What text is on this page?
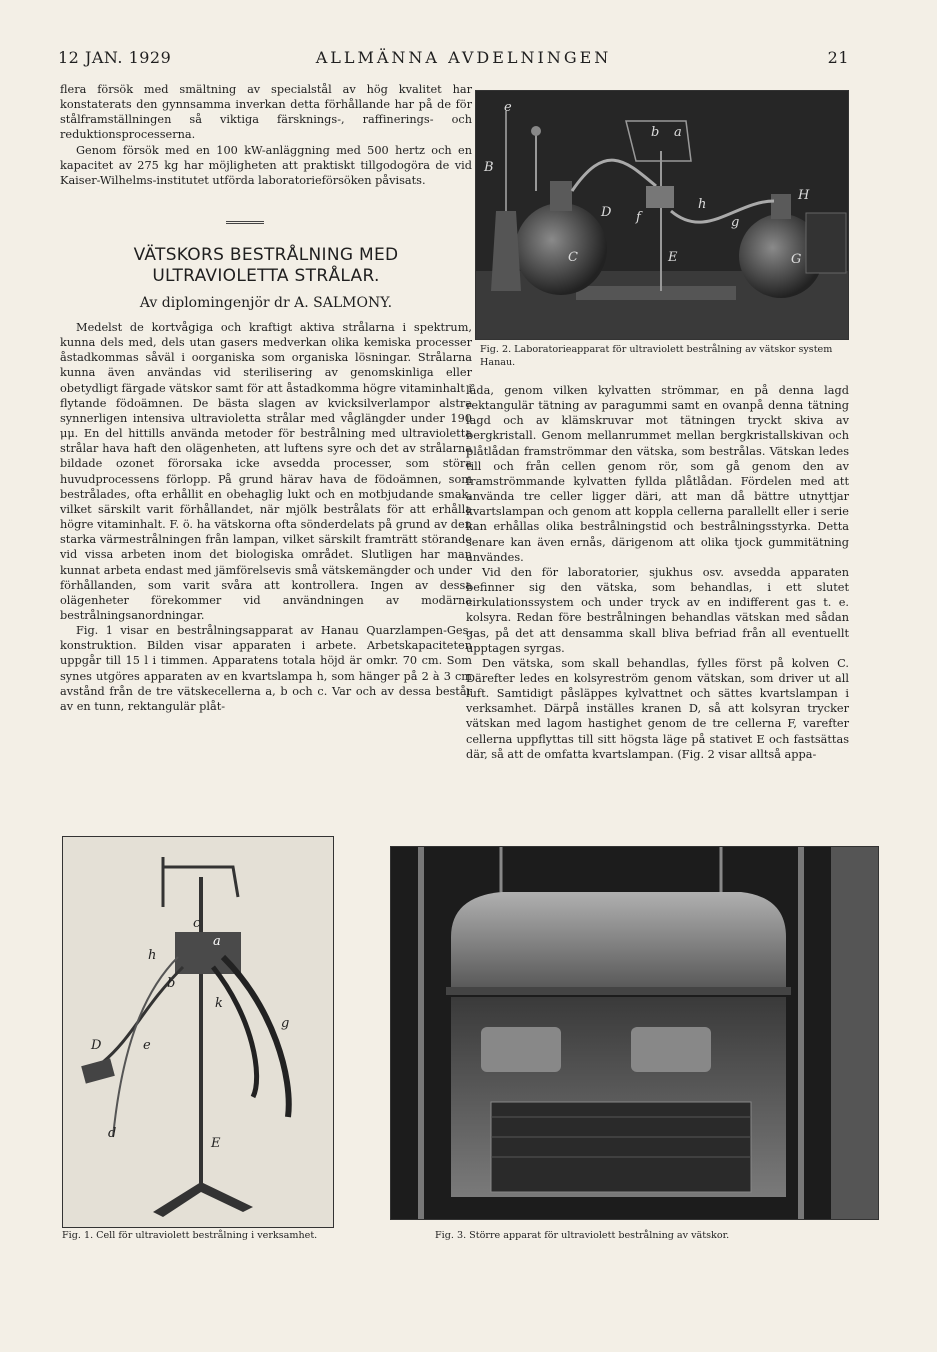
12 JAN. 1929	ALLMÄNNA AVDELNINGEN	21

flera försök med smältning av specialstål av hög kvalitet har konstaterats den gynnsamma inverkan detta förhållande har på de för stålframställningen så viktiga färsknings-, raffinerings- och reduktionsprocesserna.

Genom försök med en 100 kW-anläggning med 500 hertz och en kapacitet av 275 kg har möjligheten att praktiskt tillgodogöra de vid Kaiser-Wilhelms-institutet utförda laboratorieförsöken påvisats.

VÄTSKORS BESTRÅLNING MED ULTRAVIOLETTA STRÅLAR.
Av diplomingenjör dr A. SALMONY.

Medelst de kortvågiga och kraftigt aktiva strålarna i spektrum, kunna dels med, dels utan gasers medverkan olika kemiska processer åstadkommas såväl i oorganiska som organiska lösningar. Strålarna kunna även användas vid sterilisering av genomskinliga eller obetydligt färgade vätskor samt för att åstadkomma högre vitaminhalt i flytande födoämnen. De bästa slagen av kvicksilverlampor alstra synnerligen intensiva ultravioletta strålar med våglängder under 190 μμ. En del hittills använda metoder för bestrålning med ultravioletta strålar hava haft den olägenheten, att luftens syre och det av strålarna bildade ozonet förorsaka icke avsedda processer, som störa huvudprocessens förlopp. På grund härav hava de födoämnen, som bestrålades, ofta erhållit en obehaglig lukt och en motbjudande smak, vilket särskilt varit förhållandet, när mjölk bestrålats för att erhålla högre vitaminhalt. F. ö. ha vätskorna ofta sönderdelats på grund av den starka värmestrålningen från lampan, vilket särskilt framträtt störande vid vissa arbeten inom det biologiska området. Slutligen har man kunnat arbeta endast med jämförelsevis små vätskemängder och under förhållanden, som varit svåra att kontrollera. Ingen av dessa olägenheter förekommer vid användningen av modärna bestrålningsanordningar.

Fig. 1 visar en bestrålningsapparat av Hanau Quarzlampen-Ges. konstruktion. Bilden visar apparaten i arbete. Arbetskapaciteten uppgår till 15 l i timmen. Apparatens totala höjd är omkr. 70 cm. Som synes utgöres apparaten av en kvartslampa h, som hänger på 2 à 3 cm avstånd från de tre vätskecellerna a, b och c. Var och av dessa består av en tunn, rektangulär plåt-

e
B
C
D f
h
g
E
H
G
a
b
Fig. 2. Laboratorieapparat för ultraviolett bestrålning av vätskor system Hanau.

låda, genom vilken kylvatten strömmar, en på denna lagd rektangulär tätning av paragummi samt en ovanpå denna tätning lagd och av klämskruvar mot tätningen tryckt skiva av bergkristall. Genom mellanrummet mellan bergkristallskivan och plåtlådan framströmmar den vätska, som bestrålas. Vätskan ledes till och från cellen genom rör, som gå genom den av framströmmande kylvatten fyllda plåtlådan. Fördelen med att använda tre celler ligger däri, att man då bättre utnyttjar kvartslampan och genom att koppla cellerna parallellt eller i serie kan erhållas olika bestrålningstid och bestrålningsstyrka. Detta senare kan även ernås, därigenom att olika tjock gummitätning användes.

Vid den för laboratorier, sjukhus osv. avsedda apparaten befinner sig den vätska, som behandlas, i ett slutet cirkulationssystem och under tryck av en indifferent gas t. e. kolsyra. Redan före bestrålningen behandlas vätskan med sådan gas, på det att densamma skall bliva befriad från all eventuellt upptagen syrgas.

Den vätska, som skall behandlas, fylles först på kolven C. Därefter ledes en kolsyreström genom vätskan, som driver ut all luft. Samtidigt påsläppes kylvattnet och sättes kvartslampan i verksamhet. Därpå inställes kranen D, så att kolsyran trycker vätskan med lagom hastighet genom de tre cellerna F, varefter cellerna uppflyttas till sitt högsta läge på stativet E och fastsättas där, så att de omfatta kvartslampan. (Fig. 2 visar alltså appa-

c
a
h
b
k
g
D	e
d
E
Fig. 1. Cell för ultraviolett bestrålning i verksamhet.	Fig. 3. Större apparat för ultraviolett bestrålning av vätskor.
